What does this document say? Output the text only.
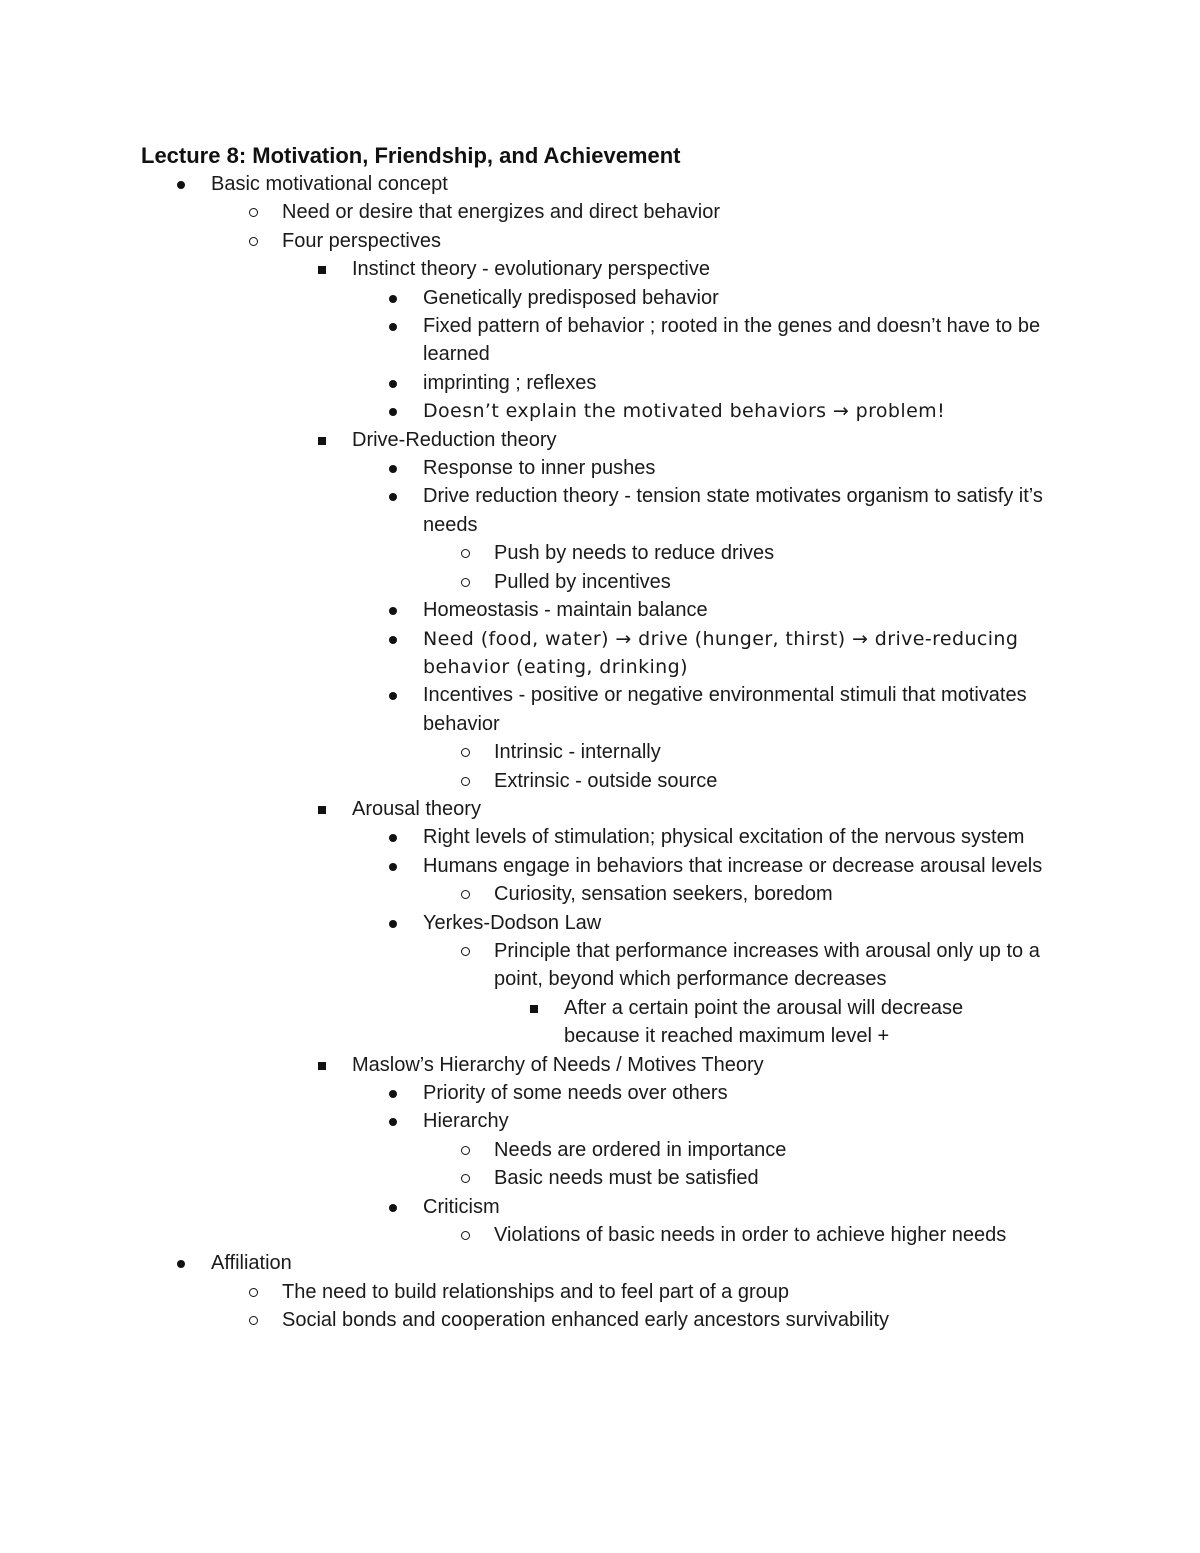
Lecture 8: Motivation, Friendship, and Achievement
Basic motivational concept
Need or desire that energizes and direct behavior
Four perspectives
Instinct theory - evolutionary perspective
Genetically predisposed behavior
Fixed pattern of behavior ; rooted in the genes and doesn’t have to be learned
imprinting ; reflexes
Doesn’t explain the motivated behaviors → problem!
Drive-Reduction theory
Response to inner pushes
Drive reduction theory - tension state motivates organism to satisfy it’s needs
Push by needs to reduce drives
Pulled by incentives
Homeostasis - maintain balance
Need (food, water) → drive (hunger, thirst) → drive-reducing behavior (eating, drinking)
Incentives - positive or negative environmental stimuli that motivates behavior
Intrinsic - internally
Extrinsic - outside source
Arousal theory
Right levels of stimulation; physical excitation of the nervous system
Humans engage in behaviors that increase or decrease arousal levels
Curiosity, sensation seekers, boredom
Yerkes-Dodson Law
Principle that performance increases with arousal only up to a point, beyond which performance decreases
After a certain point the arousal will decrease because it reached maximum level +
Maslow’s Hierarchy of Needs / Motives Theory
Priority of some needs over others
Hierarchy
Needs are ordered in importance
Basic needs must be satisfied
Criticism
Violations of basic needs in order to achieve higher needs
Affiliation
The need to build relationships and to feel part of a group
Social bonds and cooperation enhanced early ancestors survivability
